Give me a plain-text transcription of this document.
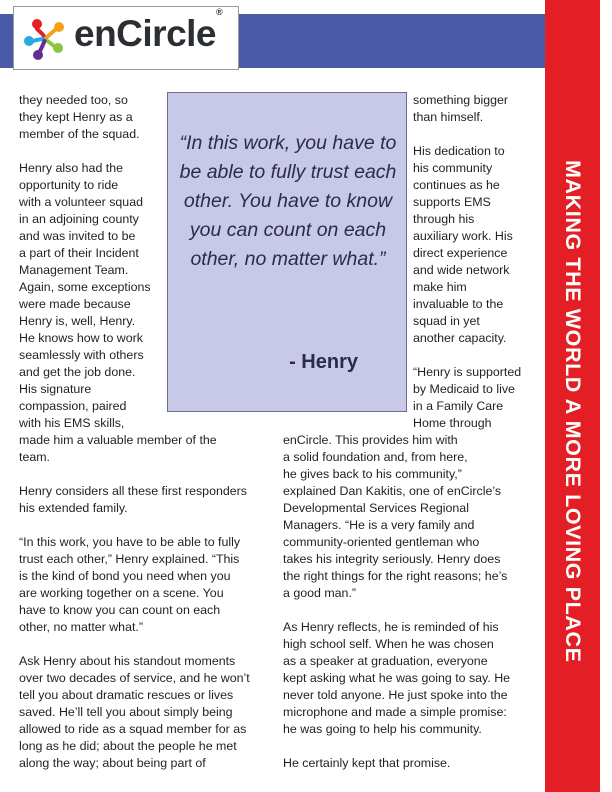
enCircle®
MAKING THE WORLD A MORE LOVING PLACE
“In this work, you have to be able to fully trust each other. You have to know you can count on each other, no matter what.”
- Henry
they needed too, so
they kept Henry as a
member of the squad.
Henry also had the
opportunity to ride
with a volunteer squad
in an adjoining county
and was invited to be
a part of their Incident
Management Team.
Again, some exceptions
were made because
Henry is, well, Henry.
He knows how to work
seamlessly with others
and get the job done.
His signature
compassion, paired
with his EMS skills,
made him a valuable member of the
team.
Henry considers all these first responders
his extended family.
“In this work, you have to be able to fully
trust each other,” Henry explained. “This
is the kind of bond you need when you
are working together on a scene. You
have to know you can count on each
other, no matter what.”
Ask Henry about his standout moments
over two decades of service, and he won’t
tell you about dramatic rescues or lives
saved. He’ll tell you about simply being
allowed to ride as a squad member for as
long as he did; about the people he met
along the way; about being part of
something bigger
than himself.
His dedication to
his community
continues as he
supports EMS
through his
auxiliary work. His
direct experience
and wide network
make him
invaluable to the
squad in yet
another capacity.
“Henry is supported
by Medicaid to live
in a Family Care
Home through
enCircle. This provides him with
a solid foundation and, from here,
he gives back to his community,”
explained Dan Kakitis, one of enCircle’s
Developmental Services Regional
Managers. “He is a very family and
community-oriented gentleman who
takes his integrity seriously. Henry does
the right things for the right reasons; he’s
a good man.”
As Henry reflects, he is reminded of his
high school self. When he was chosen
as a speaker at graduation, everyone
kept asking what he was going to say. He
never told anyone. He just spoke into the
microphone and made a simple promise:
he was going to help his community.
He certainly kept that promise.
